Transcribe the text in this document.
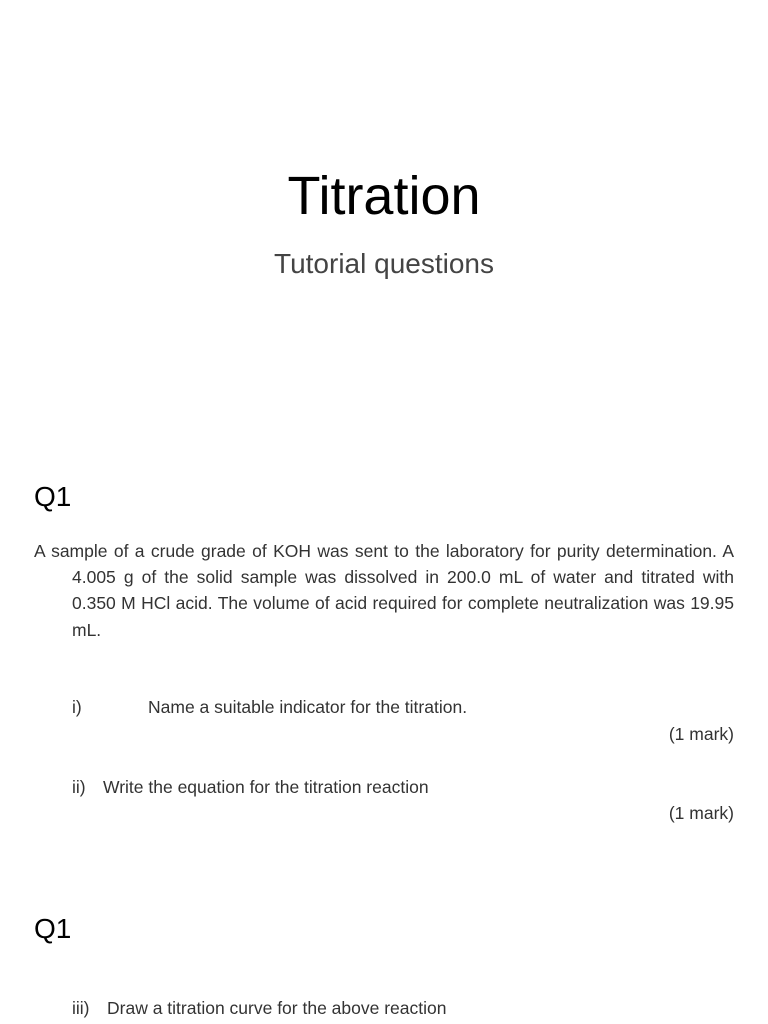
Titration
Tutorial questions
Q1
A sample of a crude grade of KOH was sent to the laboratory for purity determination. A 4.005 g of the solid sample was dissolved in 200.0 mL of water and titrated with 0.350 M HCl acid. The volume of acid required for complete neutralization was 19.95 mL.
i)	Name a suitable indicator for the titration.
(1 mark)
ii) Write the equation for the titration reaction
(1 mark)
Q1
iii) Draw a titration curve for the above reaction
